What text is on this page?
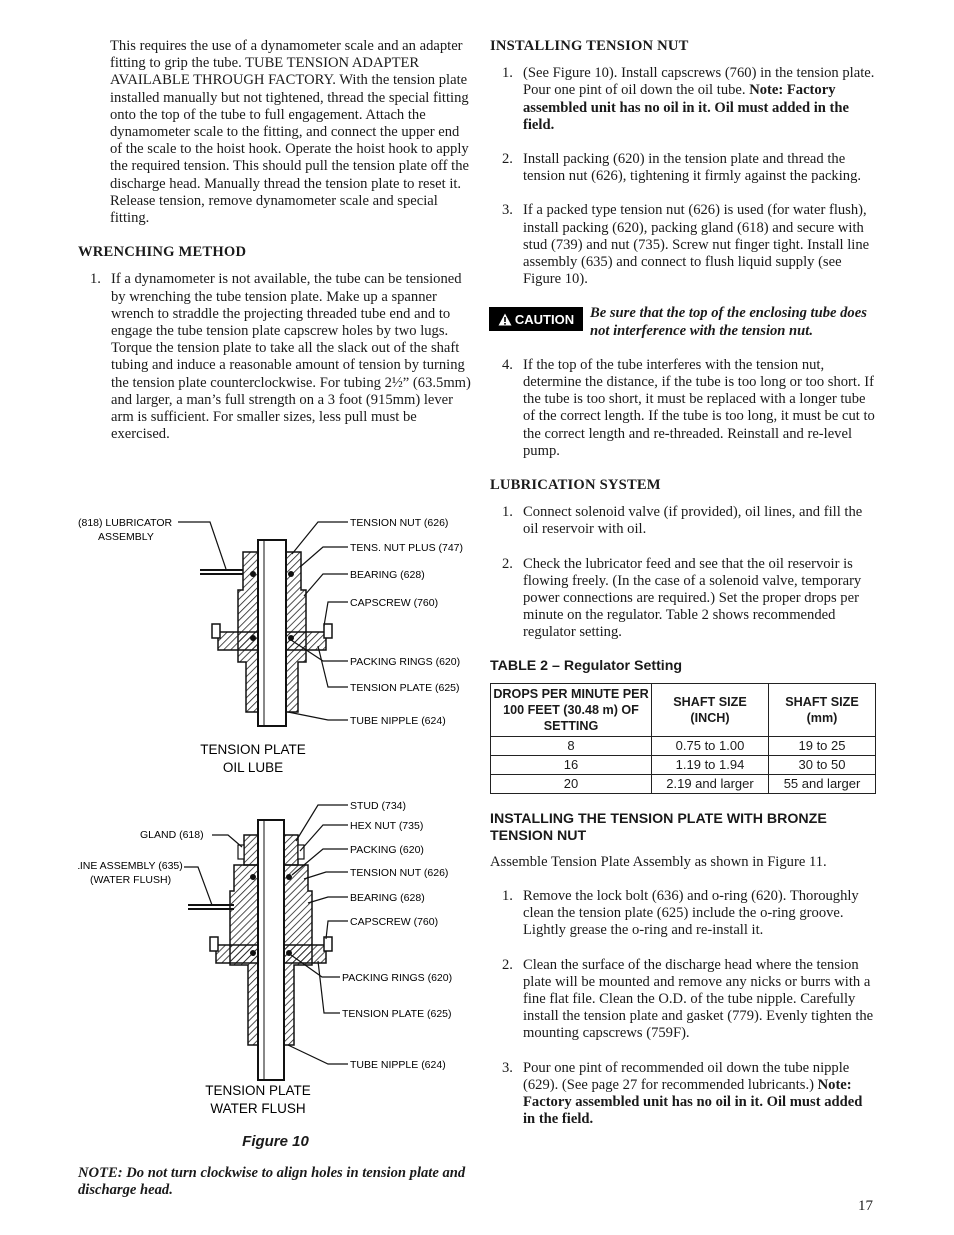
This requires the use of a dynamometer scale and an adapter fitting to grip the tube. TUBE TENSION ADAPTER AVAILABLE THROUGH FACTORY. With the tension plate installed manually but not tightened, thread the special fitting onto the top of the tube to full engagement. Attach the dynamometer scale to the fitting, and connect the upper end of the scale to the hoist hook. Operate the hoist hook to apply the required tension. This should pull the tension plate off the discharge head. Manually thread the tension plate to reset it. Release tension, remove dynamometer scale and special fitting.

WRENCHING METHOD

1. If a dynamometer is not available, the tube can be tensioned by wrenching the tube tension plate. Make up a spanner wrench to straddle the projecting threaded tube end and to engage the tube tension plate capscrew holes by two lugs. Torque the tension plate to take all the slack out of the shaft tubing and induce a reasonable amount of tension by turning the tension plate counterclockwise. For tubing 2½” (63.5mm) and larger, a man’s full strength on a 3 foot (915mm) lever arm is sufficient. For smaller sizes, less pull must be exercised.
(818) LUBRICATOR
ASSEMBLY
TENSION NUT (626)
TENS. NUT PLUS (747)
BEARING (628)
CAPSCREW (760)
PACKING RINGS (620)
TENSION PLATE (625)
TUBE NIPPLE (624)
TENSION PLATE
OIL LUBE
GLAND (618)
LINE ASSEMBLY (635)
(WATER FLUSH)
STUD (734)
HEX NUT (735)
PACKING (620)
TENSION NUT (626)
BEARING (628)
CAPSCREW (760)
PACKING RINGS (620)
TENSION PLATE (625)
TUBE NIPPLE (624)
TENSION PLATE
WATER FLUSH
Figure 10
NOTE: Do not turn clockwise to align holes in tension plate and discharge head.

INSTALLING TENSION NUT

1. (See Figure 10). Install capscrews (760) in the tension plate. Pour one pint of oil down the oil tube. Note: Factory assembled unit has no oil in it. Oil must added in the field.
2. Install packing (620) in the tension plate and thread the tension nut (626), tightening it firmly against the packing.
3. If a packed type tension nut (626) is used (for water flush), install packing (620), packing gland (618) and secure with stud (739) and nut (735). Screw nut finger tight. Install line assembly (635) and connect to flush liquid supply (see Figure 10).
CAUTION Be sure that the top of the enclosing tube does not interference with the tension nut.
4. If the top of the tube interferes with the tension nut, determine the distance, if the tube is too long or too short. If the tube is too short, it must be replaced with a longer tube of the correct length. If the tube is too long, it must be cut to the correct length and re-threaded. Reinstall and re-level pump.

LUBRICATION SYSTEM

1. Connect solenoid valve (if provided), oil lines, and fill the oil reservoir with oil.
2. Check the lubricator feed and see that the oil reservoir is flowing freely. (In the case of a solenoid valve, temporary power connections are required.) Set the proper drops per minute on the regulator. Table 2 shows recommended regulator setting.

TABLE 2 – Regulator Setting

DROPS PER MINUTE PER 100 FEET (30.48 m) OF SETTING	SHAFT SIZE (INCH)	SHAFT SIZE (mm)
8	0.75 to 1.00	19 to 25
16	1.19 to 1.94	30 to 50
20	2.19 and larger	55 and larger

INSTALLING THE TENSION PLATE WITH BRONZE TENSION NUT

Assemble Tension Plate Assembly as shown in Figure 11.

1. Remove the lock bolt (636) and o-ring (620). Thoroughly clean the tension plate (625) include the o-ring groove. Lightly grease the o-ring and re-install it.
2. Clean the surface of the discharge head where the tension plate will be mounted and remove any nicks or burrs with a fine flat file. Clean the O.D. of the tube nipple. Carefully install the tension plate and gasket (779). Evenly tighten the mounting capscrews (759F).
3. Pour one pint of recommended oil down the tube nipple (629). (See page 27 for recommended lubricants.) Note: Factory assembled unit has no oil in it. Oil must added in the field.
17
